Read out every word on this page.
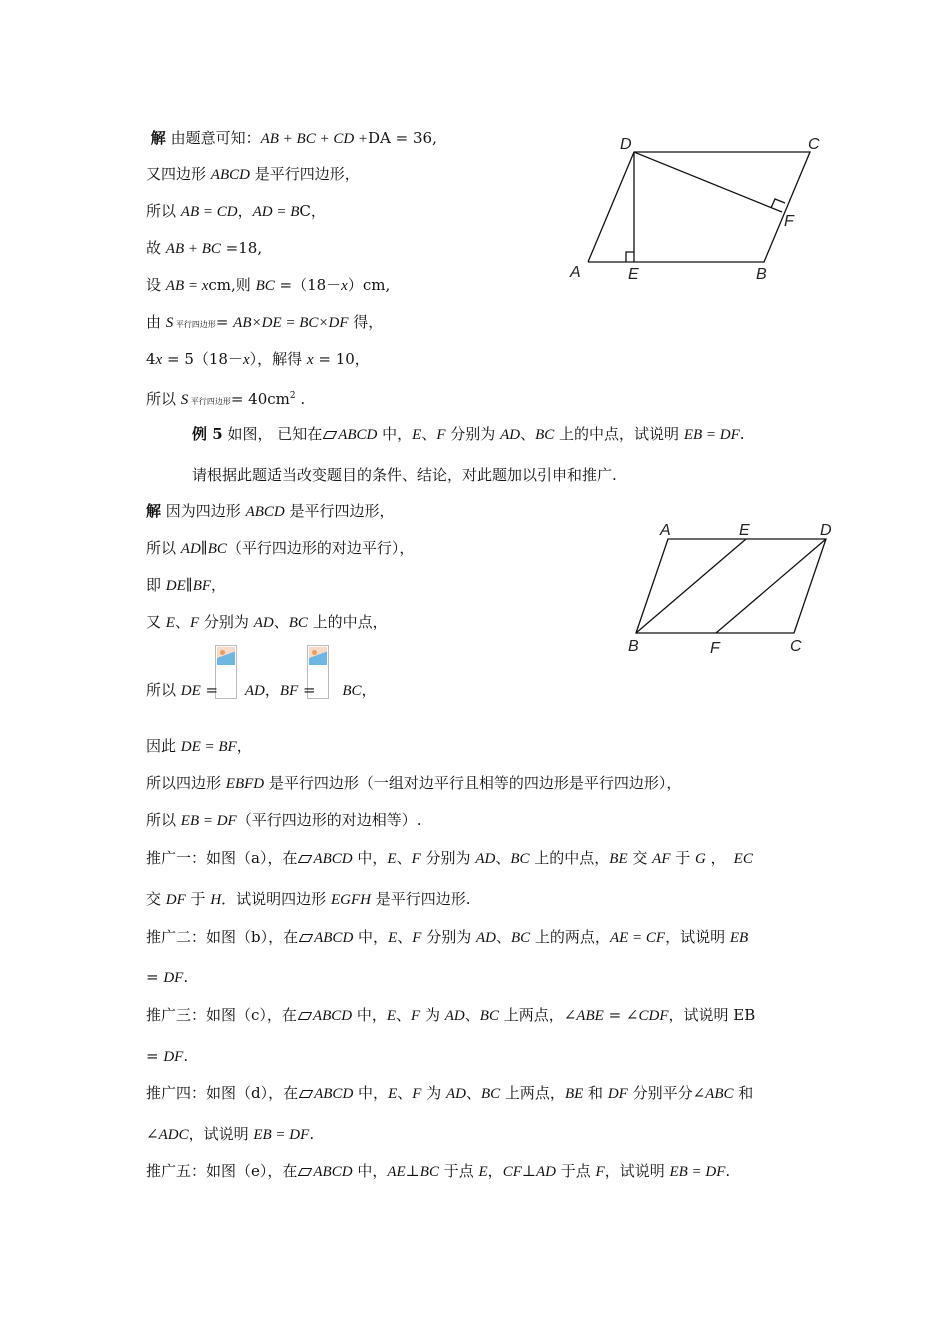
解 由题意可知：AB + BC + CD +DA = 36,
又四边形 ABCD 是平行四边形，
所以 AB = CD，AD = BC，
故 AB + BC =18,
设 AB = xcm,则 BC =（18－x）cm,
由 S 平行四边形= AB×DE = BC×DF 得，
4x = 5（18－x），解得 x = 10，
所以 S 平行四边形= $40cm^2$ .
例 5 如图， 已知在 ABCD 中，E、F 分别为 AD、BC 上的中点，试说明 EB = DF.
请根据此题适当改变题目的条件、结论，对此题加以引申和推广.
解 因为四边形 ABCD 是平行四边形，
所以 AD∥BC（平行四边形的对边平行），
即 DE∥BF，
又 E、F 分别为 AD、BC 上的中点，
所以 DE = AD，BF = BC，
因此 DE = BF，
所以四边形 EBFD 是平行四边形（一组对边平行且相等的四边形是平行四边形），
所以 EB = DF（平行四边形的对边相等）.
推广一：如图（a），在 ABCD 中，E、F 分别为 AD、BC 上的中点，BE 交 AF 于 G ， EC
交 DF 于 H．试说明四边形 EGFH 是平行四边形.
推广二：如图（b），在 ABCD 中，E、F 分别为 AD、BC 上的两点，AE = CF，试说明 EB
= DF.
推广三：如图（c），在 ABCD 中，E、F 为 AD、BC 上两点，∠ABE = ∠CDF，试说明 EB
= DF.
推广四：如图（d），在 ABCD 中，E、F 为 AD、BC 上两点，BE 和 DF 分别平分∠ABC 和
∠ADC，试说明 EB = DF.
推广五：如图（e），在 ABCD 中，AE⊥BC 于点 E，CF⊥AD 于点 F，试说明 EB = DF.
D	C
F
A	E	B
A	E	D
B	F	C
